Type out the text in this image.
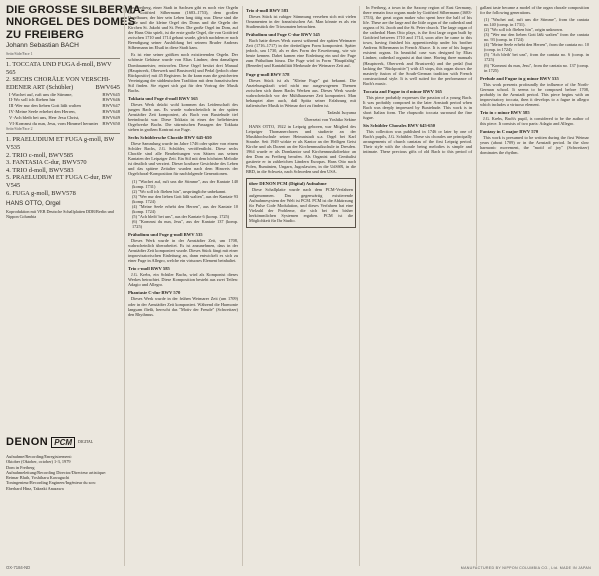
DIE GROSSE SILBERMA-
NNORGEL DES DOMES
ZU FREIBERG
Johann Sebastian BACH
Seite/Side/Face 1
1. TOCCATA UND FUGA d-moll, BWV
565
2. SECHS CHORÄLE VON VERSCHI-
EDENER ART (Schübler)	BWV645
I·Wachet auf, ruft uns die Stimme,	BWV645
II·Wo soll ich fliehen hin	BWV646
III·Wer nur den lieben Gott läßt walten	BWV647
IV·Meine Seele erhebet den Herren,	BWV648
V·Ach bleib bei uns, Herr Jesu Christ,	BWV649
VI·Kommst du nun, Jesu, vom Himmel herunter BWV650
Seite/Side/Face 2
1. PRAELUDIUM ET FUGA g-moll, BW
V535
2. TRIO c-moll, BWV585
3. FANTASIA C-dur, BWV570
4. TRIO d-moll, BWV583
5. PRAELUDIUM ET FUGA C-dur, BW
V545
6. FUGA g-moll, BWV578
HANS OTTO, Orgel
Koproduktion mit VEB Deutsche Schallplatten DDR/Berlin und Nippon Columbia
DENON PCM	DIGITAL
Aufnahme/Recording/Enregistrement:
Oktober (Oktober, october) 1-3, 1979
Dom in Freiberg
Aufnahmeleitung/Recording Director/Directeur artistique:
Reimar Bluth, Yoshiharu Kawaguchi
Toningenieur/Recording Engineer/Ingénieur du son:
Eberhard Hinz, Takeaki Anazawa
OX-7184-ND

In Freiberg, einer Stadt in Sachsen gibt es noch vier Orgeln von Gottfried Silbermann (1683–1753), dem großen Orgelbauer, der hier sein Leben lang tätig war. Diese sind die große und die kleine Orgel des Doms und die Orgeln der Kirchen St. Jakobi und St. Peter. Die große Orgel im Dom, auf der Hans Otto spielt, ist die erste große Orgel, die von Gottfried zwischen 1710 und 1714 gebaut wurde, gleich nachdem er nach Beendigung seiner Ausbildung bei seinem Bruder Andreas Silbermann im Elsaß in diese Stadt kam.

Es ist eine seiner größten noch existierenden Orgeln. Der schönste Gehäuse wurde von Elias Lindner, dem damaligen Dombaumeister, entworfen. Diese Orgel besitzt drei Manual (Hauptwerk, Oberwerk und Brustwerk) und Pedal (jedoch ohne Rückpositiv) mit 45 Registern. In ihr kann man die gesicherten Vereinigung der süddeutschen Tradition mit dem französischen Stil finden. Sie eignet sich gut für den Vortrag der Musik Bachs.

Tokkata und Fuge d-moll BWV 565

Dieses Werk drückt wohl kommen das Leidenschaft des jungen Bach aus. Es wurde wahrscheinlich in der späten Arnstädter Zeit komponiert, als Bach von Buxtehude tief beeindruckt war. Diese Tokkata ist eines der beliebtesten Orgelwerke Bachs. Die stürmischen Passagen der Tokkata stehen in großem Kontrast zur Fuge.

Sechs Schüblersche Choräle BWV 645-650

Diese Sammlung wurde im Jahre 1746 oder später von einem Schüler Bachs, J.G. Schübler, veröffentlicht. Diese sechs Choräle sind alle Bearbeitungen von Sätzen aus seinen Kantaten der Leipziger Zeit. Ein Stil mit dem höchsten Melodie ist deutlich und verziert. Dieser kostbare Gesichtsbe des Leben und das spätere Zeitalter wurden nach dem Hinweis der Orgelchoral-Komposition für nachfolgende Generationen.

(1) "Wachet auf, ruft uns die Stimme", aus der Kantate 140 (komp. 1731)
(2) "Wo soll ich fliehen hin", ursprüngliche unbekannt.
(3) "Wer nur den lieben Gott läßt walten", aus der Kantate 93 (komp. 1724)
(4) "Meine Seele erhebt den Herren", aus der Kantate 10 (komp. 1724)
(5) "Ach bleib' bei uns", aus der Kantate 6 (komp. 1725)
(6) "Kommst du nun, Jesu", aus der Kantate 137 (komp. 1725)
Präludium und Fuge g-moll BWV 535

Dieses Werk wurde in der Arnstädter Zeit, um 1708, wahrscheinlich überarbeitet. Es ist anzunehmen, dass in der Arnstädter Zeit komponiert wurde. Dieses Stück fängt mit einer improvisatorischen Einleitung an, dann entwickelt es sich zu einer Fuge in Allegro, welche ein virtuoses Element beinhaltet.

Trio c-moll BWV 585

J.G. Krebs, ein Schüler Bachs, wird als Komponist dieses Werkes betrachtet. Diese Komposition besteht aus zwei Teilen: Adagio und Allegro.

Phantasie C-dur BWV 570

Dieses Werk wurde in der frühen Weimarer Zeit (um 1709) oder in der Arnstädter Zeit komponiert. Während die Harmonie langsam fließt, herrscht das "Motiv der Freude" (Schweitzer) den Rhythmus.

Trio d-moll BWV 583

Dieses Stück ist ruhiger Stimmung versehen sich mit vielen Ornamenten in der französischen Art. Man könnte es als ein Studienstück der Triosonaten betrachten.

Präludium und Fuge C-dur BWV 545

Bach hatte dieses Werk zuerst während der späten Weimarer Zeit (1716–1717) in der dreiteiligen Form komponiert. Später jedoch, um 1730, als er dies Form der Erweiterung, wie wir heute kennen. Dabei kamen eine Einleitung ein und der Fuge zum Präludium hinzu. Die Fuge wird in Form "Hauptfaltig" (Beneder) und Kantabilität Merkmale der Weimarer Zeit auf.

Fuge g-moll BWV 578

Dieses Stück ist als "Kleine Fuge" gut bekannt. Die Anziehungskraft wird nicht nur ausgewogenen Themen zwischen sich ihnen Bachs Werken aus. Dieses Werk wurde wahrscheinlich vor der Mühlhausener Zeit komponiert. Man behauptet aber auch, daß Spitta seiner Erfahrung mit italienischer Musik in Weimar dort zu finden ist.

Tadashi Isoyama
Übersetzt von Yoshiko Sekine

HANS OTTO, 1922 in Leipzig geboren, war Mitglied des Leipziger Thomanerchores und studierte an der Musikhochschule seiner Heimatstadt u.a. Orgel bei Karl Straube. Seit 1949 wirkte er als Kantor an der Heiligen Geist Kirche und als Dozent an der Kirchenmusikschule in Dresden. 1964 wurde er als Domkantor und Kirchenmusikdirektor an den Dom zu Freiberg berufen. Als Organist und Cembalist gastierte er in zahlreichen Ländern Europas. Hans Otto nach Polen, Rumänien, Ungarn, Jugoslawien, in die UdSSR, in die BRD, in die Schweiz, nach Schweden und den USA.

über DENON PCM (Digital) Aufnahme

Diese Schallplatte wurde nach dem PCM-Verfahren aufgenommen. Das gegenwärtig existierende Aufnahmesystem der Welt ist PCM. PCM ist die Abkürzung für Pulse Code Modulation, und dieses Verfahren hat eine Vielzahl der Probleme, die sich bei den bisher herkömmlichen Systemen ergaben. PCM ist die Möglichkeit für Ihr Studio.

In Freiberg, a town in the Saxony region of East Germany, there remain four organs made by Gottfried Silbermann (1683-1753), the great organ maker who spent here the half of his life. These are the large and the little organ of the cathedral and organs of St. Jacob and the St. Peter church. The large organ of the cathedral Hans Otto plays, is the first large organ built by Gottfried between 1710 and 1714, soon after he came to this town, having finished his apprenticeship under his brother Andreas Silbermann in French Alsace. It is one of his largest existent organs. Its beautiful case was designed by Elias Lindner, cathedral organist at that time. Having three manuals (Hauptwerk, Oberwerk and Brustwerk) and the pedal (but lacking the "Rückpositiv") with 45 stops, this organ shows the masterly fusion of the South-German tradition with French constructional style. It is well suited for the performance of Bach's music.

Toccata and Fugue in d minor BWV 565

This piece probably expresses the passion of a young Bach. It was probably composed in the later Arnstadt period when Bach was deeply impressed by Buxtehude. This work is in short Italian form. The rhapsodic toccata surround the fine fugue.

Six Schübler Chorales BWV 645-650

This collection was published in 1746 or later by one of Bach's pupils, J.G. Schübler. These six chorales are principally arrangements of church cantatas of the first Leipzig period. Their style with the chorale being melodies is simple and intimate. These precious gifts of old Bach to this period of gallant taste became a model of the organ chorale composition for the following generations.

(1) "Wachet auf, ruft uns die Stimme", from the cantata no.140 (comp. in 1731).
(2) "Wo soll ich fliehen hin", origin unknown.
(3) "Wer nur den lieben Gott läßt walten" from the cantata no. 93 (comp. in 1724)
(4) "Meine Seele erhebt den Herren", from the cantata no. 10 (comp. in 1724)
(5) "Ach bleib' bei uns", from the cantata no. 6 (comp. in 1725)
(6) "Kommst du nun, Jesu", from the cantata no. 137 (comp. in 1725)
Prelude and Fugue in g minor BWV 535

This work presents profoundly the influence of the North-German school. It seems to be composed before 1708, probably in the Arnstadt period. This piece begins with an improvisatory toccata, then it develops to a fugue in allegro which includes a virtuoso element.

Trio in c minor BWV 585

J.G. Krebs, Bach's pupil, is considered to be the author of this piece. It consists of two parts: Adagio and Allegro.

Fantasy in C major BWV 570

This work is presumed to be written during the first Weimar years (about 1709) or in the Arnstadt period. In the slow harmonic movement, the "motif of joy" (Schweitzer) dominates the rhythm.

MANUFACTURED BY NIPPON COLUMBIA CO., Ltd. MADE IN JAPAN
